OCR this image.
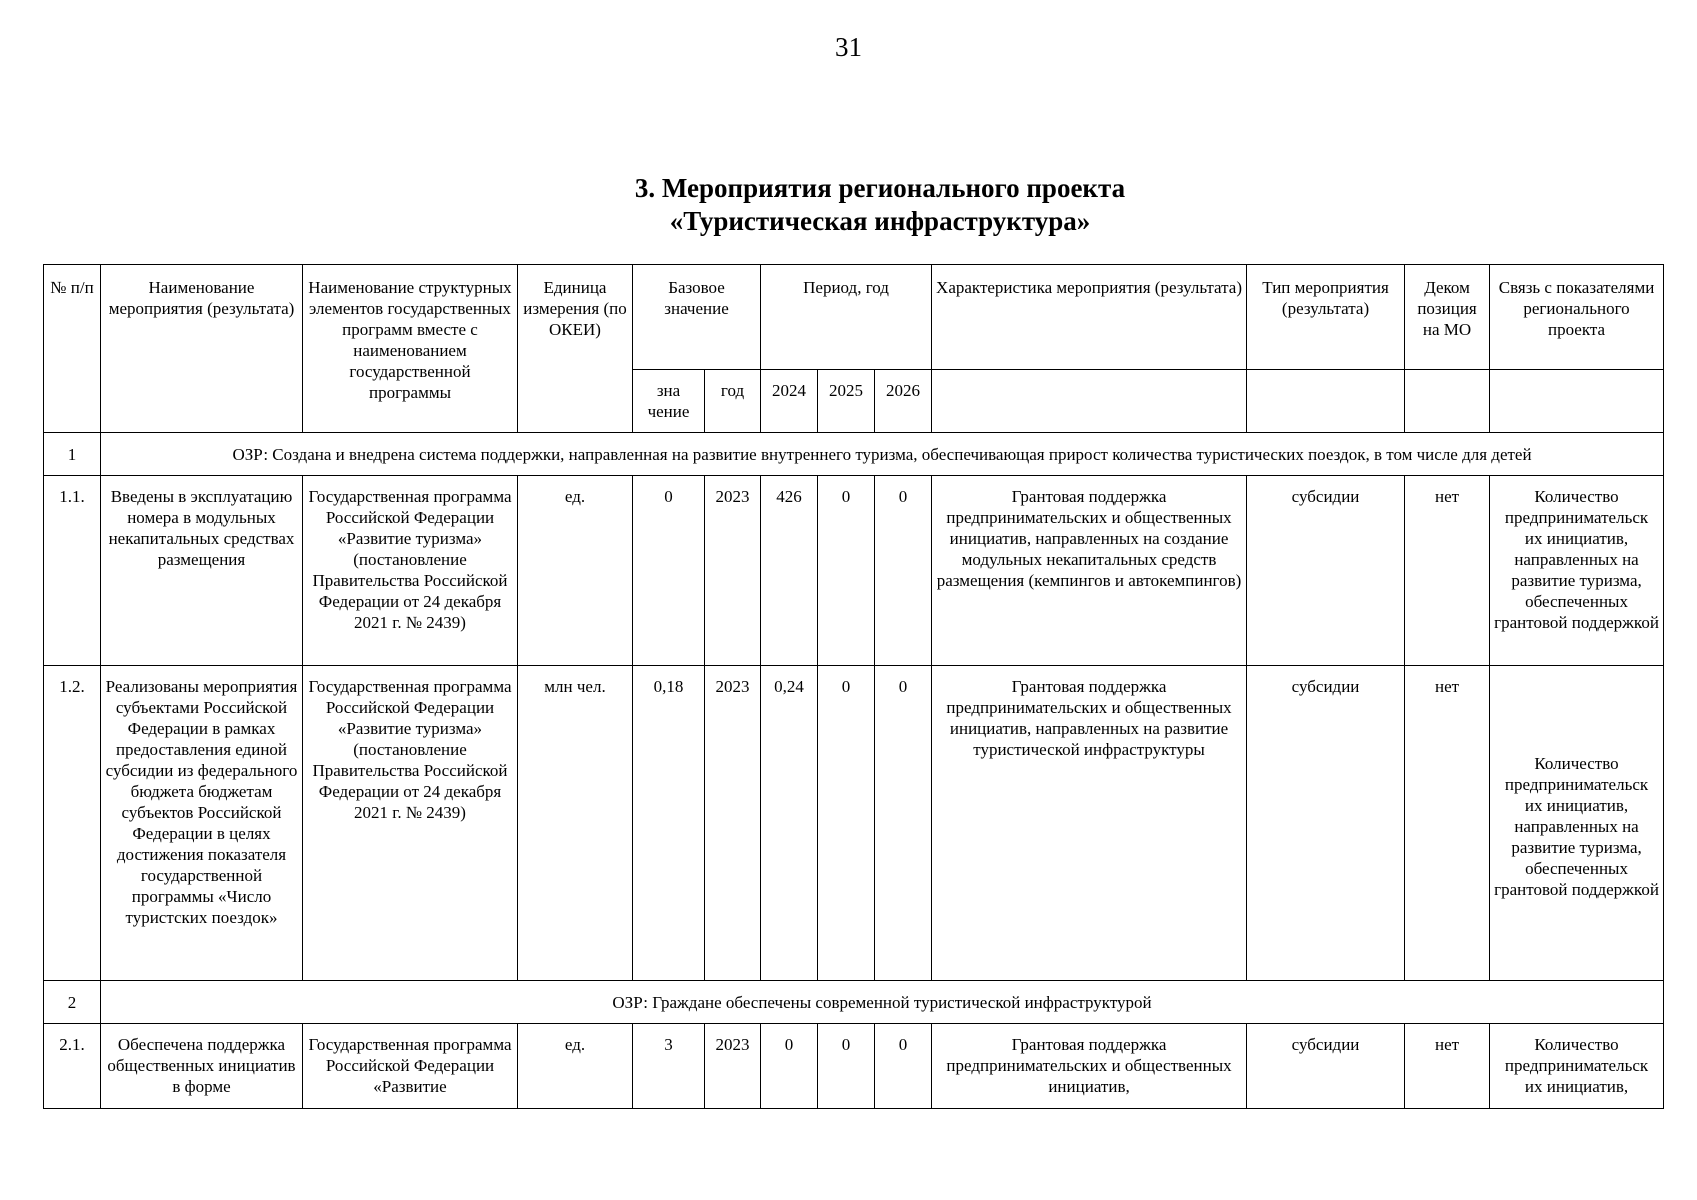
31
3. Мероприятия регионального проекта
«Туристическая инфраструктура»
№ п/п	Наименование мероприятия (результата)	Наименование структурных элементов государственных программ вместе с наименованием государственной программы	Единица измерения (по ОКЕИ)	Базовое значение		Период, год			Характеристика мероприятия (результата)	Тип мероприятия (результата)	Деком позиция на МО	Связь с показателями регионального проекта
				зна чение	год	2024	2025	2026				
1	ОЗР: Создана и внедрена система поддержки, направленная на развитие внутреннего туризма, обеспечивающая прирост количества туристических поездок, в том числе для детей											
1.1.	Введены в эксплуатацию номера в модульных некапитальных средствах размещения	Государственная программа Российской Федерации «Развитие туризма» (постановление Правительства Российской Федерации от 24 декабря 2021 г. № 2439)	ед.	0	2023	426	0	0	Грантовая поддержка предпринимательских и общественных инициатив, направленных на создание модульных некапитальных средств размещения (кемпингов и автокемпингов)	субсидии	нет	Количество предпринимательск их инициатив, направленных на развитие туризма, обеспеченных грантовой поддержкой
1.2.	Реализованы мероприятия субъектами Российской Федерации в рамках предоставления единой субсидии из федерального бюджета бюджетам субъектов Российской Федерации в целях достижения показателя государственной программы «Число туристских поездок»	Государственная программа Российской Федерации «Развитие туризма» (постановление Правительства Российской Федерации от 24 декабря 2021 г. № 2439)	млн чел.	0,18	2023	0,24	0	0	Грантовая поддержка предпринимательских и общественных инициатив, направленных на развитие туристической инфраструктуры	субсидии	нет	Количество предпринимательск их инициатив, направленных на развитие туризма, обеспеченных грантовой поддержкой
2	ОЗР: Граждане обеспечены современной туристической инфраструктурой											
2.1.	Обеспечена поддержка общественных инициатив в форме	Государственная программа Российской Федерации «Развитие	ед.	3	2023	0	0	0	Грантовая поддержка предпринимательских и общественных инициатив,	субсидии	нет	Количество предпринимательск их инициатив,
